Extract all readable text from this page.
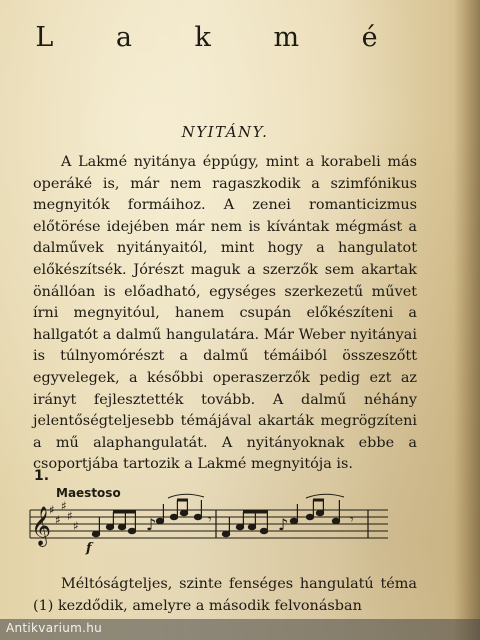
L a k m é
NYITÁNY.

A Lakmé nyitánya éppúgy, mint a korabeli más operáké is, már nem ragaszkodik a szimfónikus megnyitók formáihoz. A zenei romanticizmus előtörése idejében már nem is kívántak mégmást a dalművek nyitányaitól, mint hogy a hangulatot előkészítsék. Jórészt maguk a szerzők sem akartak önállóan is előadható, egységes szerkezetű művet írni megnyitóul, hanem csupán előkészíteni a hallgatót a dalmű hangulatára. Már Weber nyitányai is túlnyomórészt a dalmű témáiból összeszőtt egyvelegek, a későbbi operaszerzők pedig ezt az irányt fejlesztették tovább. A dalmű néhány jelentőségteljesebb témájával akarták megrögzíteni a mű alaphangulatát. A nyitányoknak ebbe a csoportjába tartozik a Lakmé megnyitója is.

1.
Maestoso
𝄞
♯
♯
♯
♯
♯
f
♪	𝄾	♪	𝄾

Méltóságteljes, szinte fenséges hangulatú téma (1) kezdődik, amelyre a második felvonásban

Antikvarium.hu
